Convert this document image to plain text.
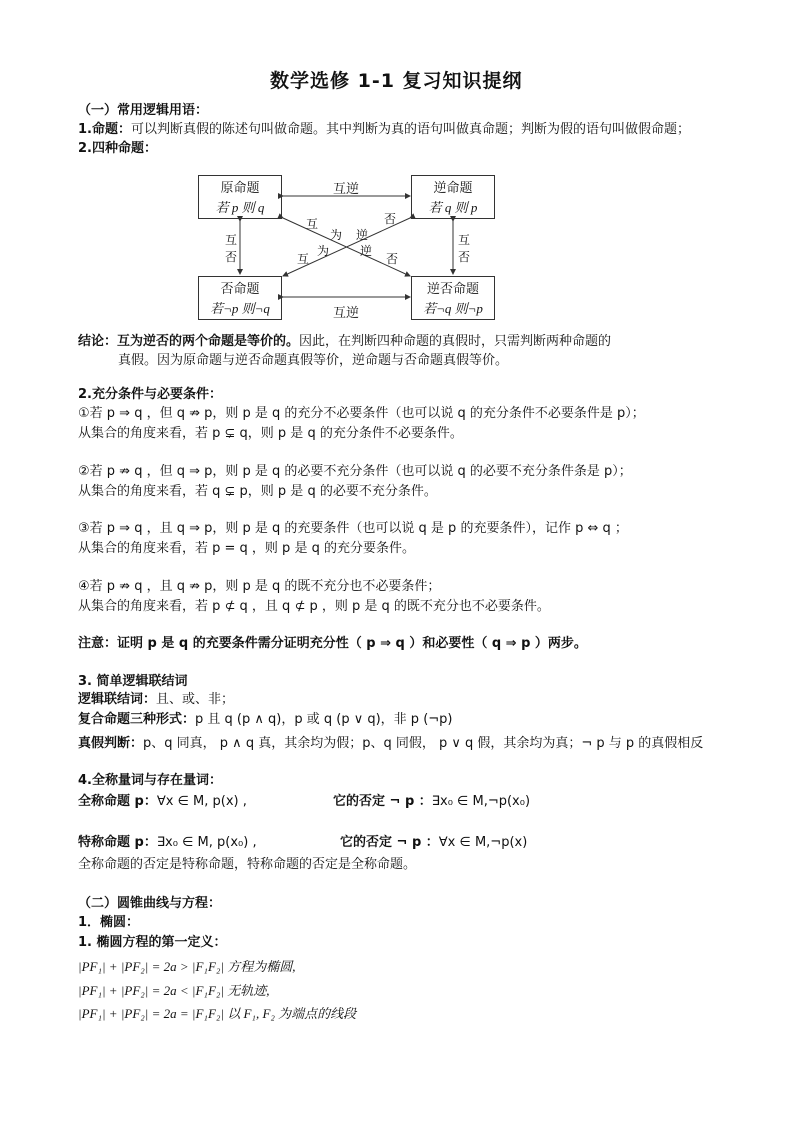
数学选修 1-1 复习知识提纲
（一）常用逻辑用语：
1.命题：可以判断真假的陈述句叫做命题。其中判断为真的语句叫做真命题；判断为假的语句叫做假命题；
2.四种命题：
原命题
若 p 则 q
逆命题
若 q 则 p
否命题
若¬p 则¬q
逆否命题
若¬q 则¬p
互逆
互逆
互
否
互
否
互
为 逆
否
互
为	逆
否
结论：互为逆否的两个命题是等价的。因此，在判断四种命题的真假时，只需判断两种命题的
真假。因为原命题与逆否命题真假等价，逆命题与否命题真假等价。
2.充分条件与必要条件：
①若 p ⇒ q ，但 q ⇏ p，则 p 是 q 的充分不必要条件（也可以说 q 的充分条件不必要条件是 p）；
从集合的角度来看，若 p ⊊ q，则 p 是 q 的充分条件不必要条件。
②若 p ⇏ q ，但 q ⇒ p，则 p 是 q 的必要不充分条件（也可以说 q 的必要不充分条件条是 p）；
从集合的角度来看，若 q ⊊ p，则 p 是 q 的必要不充分条件。
③若 p ⇒ q ，且 q ⇒ p，则 p 是 q 的充要条件（也可以说 q 是 p 的充要条件），记作 p ⇔ q ；
从集合的角度来看，若 p = q ，则 p 是 q 的充分要条件。
④若 p ⇏ q ，且 q ⇏ p，则 p 是 q 的既不充分也不必要条件；
从集合的角度来看，若 p ⊄ q ，且 q ⊄ p ，则 p 是 q 的既不充分也不必要条件。
注意：证明 p 是 q 的充要条件需分证明充分性（ p ⇒ q ）和必要性（ q ⇒ p ）两步。
3. 简单逻辑联结词
逻辑联结词：且、或、非；
复合命题三种形式：p 且 q (p ∧ q)，p 或 q (p ∨ q)，非 p (¬p)
真假判断：p、q 同真， p ∧ q 真，其余均为假；p、q 同假， p ∨ q 假，其余均为真；¬ p 与 p 的真假相反
4.全称量词与存在量词：
全称命题 p：∀x ∈ M, p(x) ,	它的否定 ¬ p ：∃x₀ ∈ M,¬p(x₀)
特称命题 p：∃x₀ ∈ M, p(x₀) ,	它的否定 ¬ p ：∀x ∈ M,¬p(x)
全称命题的否定是特称命题，特称命题的否定是全称命题。
（二）圆锥曲线与方程：
1．椭圆：
1. 椭圆方程的第一定义：
|PF₁| + |PF₂| = 2a > |F₁F₂| 方程为椭圆,
|PF₁| + |PF₂| = 2a < |F₁F₂| 无轨迹,
|PF₁| + |PF₂| = 2a = |F₁F₂| 以 F₁, F₂ 为端点的线段
